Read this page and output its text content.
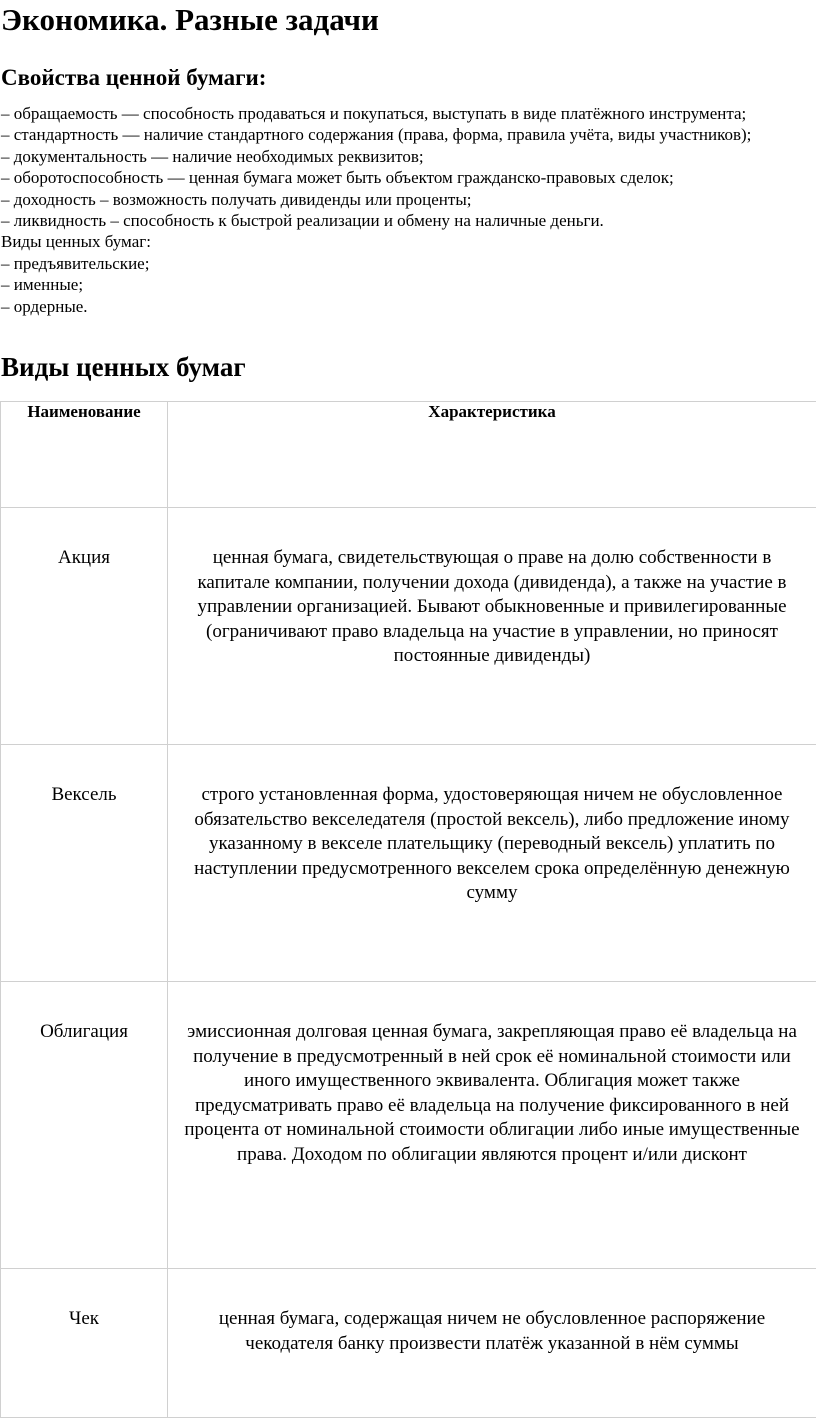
Экономика. Разные задачи
Свойства ценной бумаги:
– обращаемость — способность продаваться и покупаться, выступать в виде платёжного инструмента;
– стандартность — наличие стандартного содержания (права, форма, правила учёта, виды участников);
– документальность — наличие необходимых реквизитов;
– оборотоспособность — ценная бумага может быть объектом гражданско-правовых сделок;
– доходность – возможность получать дивиденды или проценты;
– ликвидность – способность к быстрой реализации и обмену на наличные деньги.
Виды ценных бумаг:
– предъявительские;
– именные;
– ордерные.
Виды ценных бумаг
Наименование	Характеристика
Акция	ценная бумага, свидетельствующая о праве на долю собственности в капитале компании, получении дохода (дивиденда), а также на участие в управлении организацией. Бывают обыкновенные и привилегированные (ограничивают право владельца на участие в управлении, но приносят постоянные дивиденды)
Вексель	строго установленная форма, удостоверяющая ничем не обусловленное обязательство векселедателя (простой вексель), либо предложение иному указанному в векселе плательщику (переводный вексель) уплатить по наступлении предусмотренного векселем срока определённую денежную сумму
Облигация	эмиссионная долговая ценная бумага, закрепляющая право её владельца на получение в предусмотренный в ней срок её номинальной стоимости или иного имущественного эквивалента. Облигация может также предусматривать право её владельца на получение фиксированного в ней процента от номинальной стоимости облигации либо иные имущественные права. Доходом по облигации являются процент и/или дисконт
Чек	ценная бумага, содержащая ничем не обусловленное распоряжение чекодателя банку произвести платёж указанной в нём суммы
